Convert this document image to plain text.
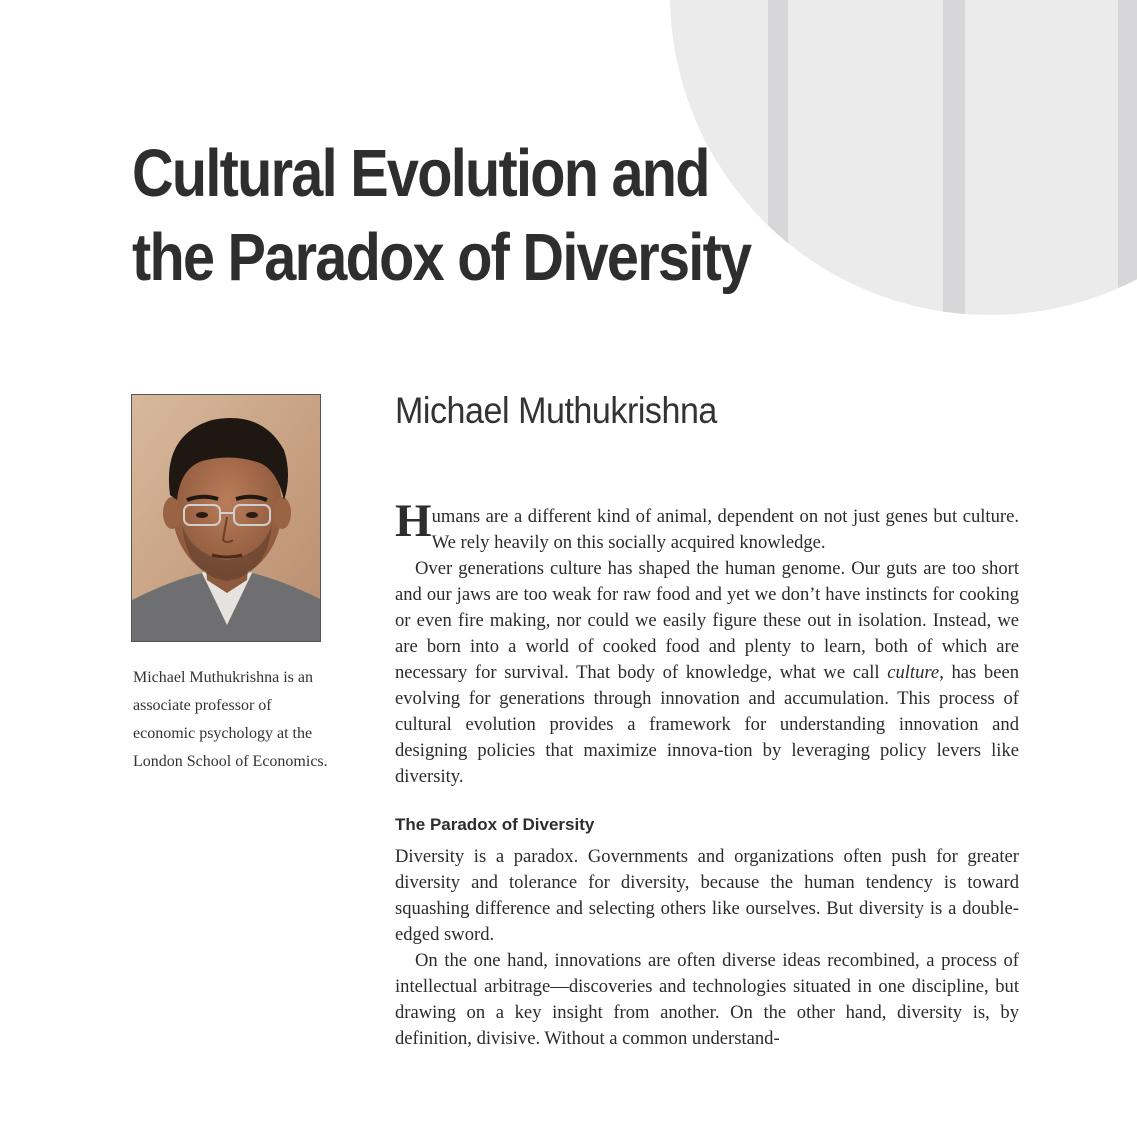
Cultural Evolution and
the Paradox of Diversity

Michael Muthukrishna is an associate professor of economic psychology at the London School of Economics.

Michael Muthukrishna

Humans are a different kind of animal, dependent on not just genes but culture. We rely heavily on this socially acquired knowledge.

Over generations culture has shaped the human genome. Our guts are too short and our jaws are too weak for raw food and yet we don’t have instincts for cooking or even fire making, nor could we easily figure these out in isolation. Instead, we are born into a world of cooked food and plenty to learn, both of which are necessary for survival. That body of knowledge, what we call culture, has been evolving for generations through innovation and accumulation. This process of cultural evolution provides a framework for understanding innovation and designing policies that maximize innova-tion by leveraging policy levers like diversity.

The Paradox of Diversity

Diversity is a paradox. Governments and organizations often push for greater diversity and tolerance for diversity, because the human tendency is toward squashing difference and selecting others like ourselves. But diversity is a double-edged sword.

On the one hand, innovations are often diverse ideas recombined, a process of intellectual arbitrage—discoveries and technologies situated in one discipline, but drawing on a key insight from another. On the other hand, diversity is, by definition, divisive. Without a common understand-
